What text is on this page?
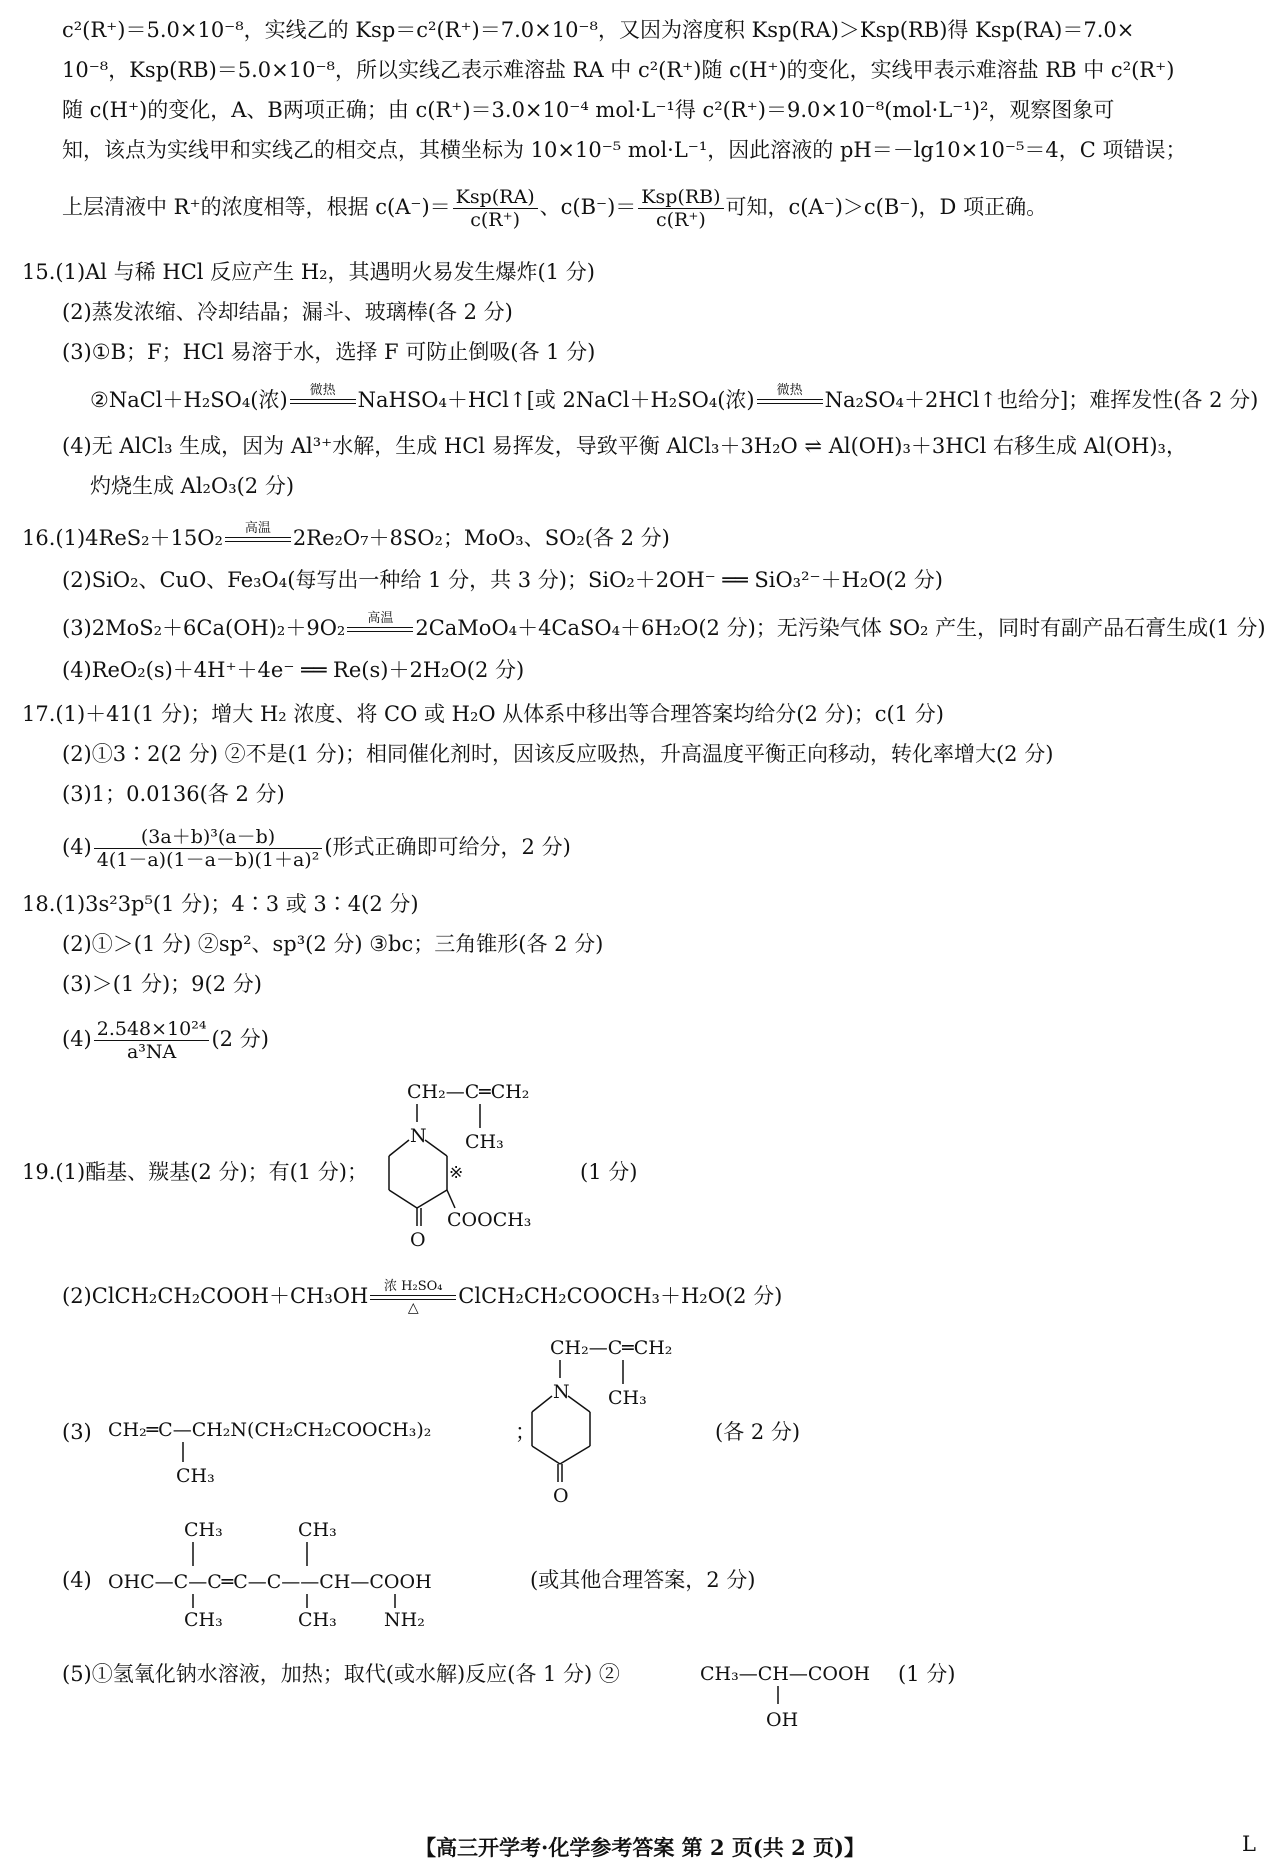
c²(R⁺)＝5.0×10⁻⁸，实线乙的 Ksp＝c²(R⁺)＝7.0×10⁻⁸，又因为溶度积 Ksp(RA)＞Ksp(RB)得 Ksp(RA)＝7.0×
10⁻⁸，Ksp(RB)＝5.0×10⁻⁸，所以实线乙表示难溶盐 RA 中 c²(R⁺)随 c(H⁺)的变化，实线甲表示难溶盐 RB 中 c²(R⁺)
随 c(H⁺)的变化，A、B两项正确；由 c(R⁺)＝3.0×10⁻⁴ mol·L⁻¹得 c²(R⁺)＝9.0×10⁻⁸(mol·L⁻¹)²，观察图象可
知，该点为实线甲和实线乙的相交点，其横坐标为 10×10⁻⁵ mol·L⁻¹，因此溶液的 pH＝－lg10×10⁻⁵＝4，C 项错误；
上层清液中 R⁺的浓度相等，根据 $c(A^-)= \frac{\text{Ksp(RA)}}{c(R^+)}$ 、$c(B^-)= \frac{\text{Ksp(RB)}}{c(R^+)}$ 可知，c(A⁻)＞c(B⁻)，D 项正确。
15.(1)Al 与稀 HCl 反应产生 H₂，其遇明火易发生爆炸(1 分)
(2)蒸发浓缩、冷却结晶；漏斗、玻璃棒(各 2 分)
(3)①B；F；HCl 易溶于水，选择 F 可防止倒吸(各 1 分)
②NaCl＋H₂SO₄(浓)	微热	NaHSO₄＋HCl↑[或 2NaCl＋H₂SO₄(浓)	微热	Na₂SO₄＋2HCl↑也给分]；难挥发性(各 2 分)
(4)无 AlCl₃ 生成，因为 Al³⁺水解，生成 HCl 易挥发，导致平衡 AlCl₃＋3H₂O ⇌ Al(OH)₃＋3HCl 右移生成 Al(OH)₃，
灼烧生成 Al₂O₃(2 分)
16.(1)4ReS₂＋15O₂	高温	2Re₂O₇＋8SO₂；MoO₃、SO₂(各 2 分)
(2)SiO₂、CuO、Fe₃O₄(每写出一种给 1 分，共 3 分)；SiO₂＋2OH⁻ ══ SiO₃²⁻＋H₂O(2 分)
(3)2MoS₂＋6Ca(OH)₂＋9O₂	高温	2CaMoO₄＋4CaSO₄＋6H₂O(2 分)；无污染气体 SO₂ 产生，同时有副产品石膏生成(1 分)
(4)ReO₂(s)＋4H⁺＋4e⁻ ══ Re(s)＋2H₂O(2 分)
17.(1)＋41(1 分)；增大 H₂ 浓度、将 CO 或 H₂O 从体系中移出等合理答案均给分(2 分)；c(1 分)
(2)①3∶2(2 分) ②不是(1 分)；相同催化剂时，因该反应吸热，升高温度平衡正向移动，转化率增大(2 分)
(3)1；0.0136(各 2 分)
$(4) \frac{\text{(3a＋b)³(a－b)}}{\text{4(1－a)(1－a－b)(1＋a)²}}$ (形式正确即可给分，2 分)
18.(1)3s²3p⁵(1 分)；4∶3 或 3∶4(2 分)
(2)①＞(1 分) ②sp²、sp³(2 分) ③bc；三角锥形(各 2 分)
(3)＞(1 分)；9(2 分)
$(4) \frac{\text{2.548×10²⁴}}{\text{a³NA}} (2$ 分)
19.(1)酯基、羰基(2 分)；有(1 分)；
CH₂—C═CH₂
CH₃
N
※
O
COOCH₃
(1 分)
(2)ClCH₂CH₂COOH＋CH₃OH	浓 H₂SO₄
△	ClCH₂CH₂COOCH₃＋H₂O(2 分)
(3) CH₂═C—CH₂N(CH₂CH₂COOCH₃)₂
CH₃
；
CH₂—C═CH₂
CH₃
N
O
(各 2 分)
(4)
CH₃	CH₃
OHC—C—C═C—C——CH—COOH
CH₃	CH₃ NH₂
(或其他合理答案，2 分)
(5)①氢氧化钠水溶液，加热；取代(或水解)反应(各 1 分) ②	CH₃—CH—COOH
OH
(1 分)
【高三开学考·化学参考答案 第 2 页(共 2 页)】	L
